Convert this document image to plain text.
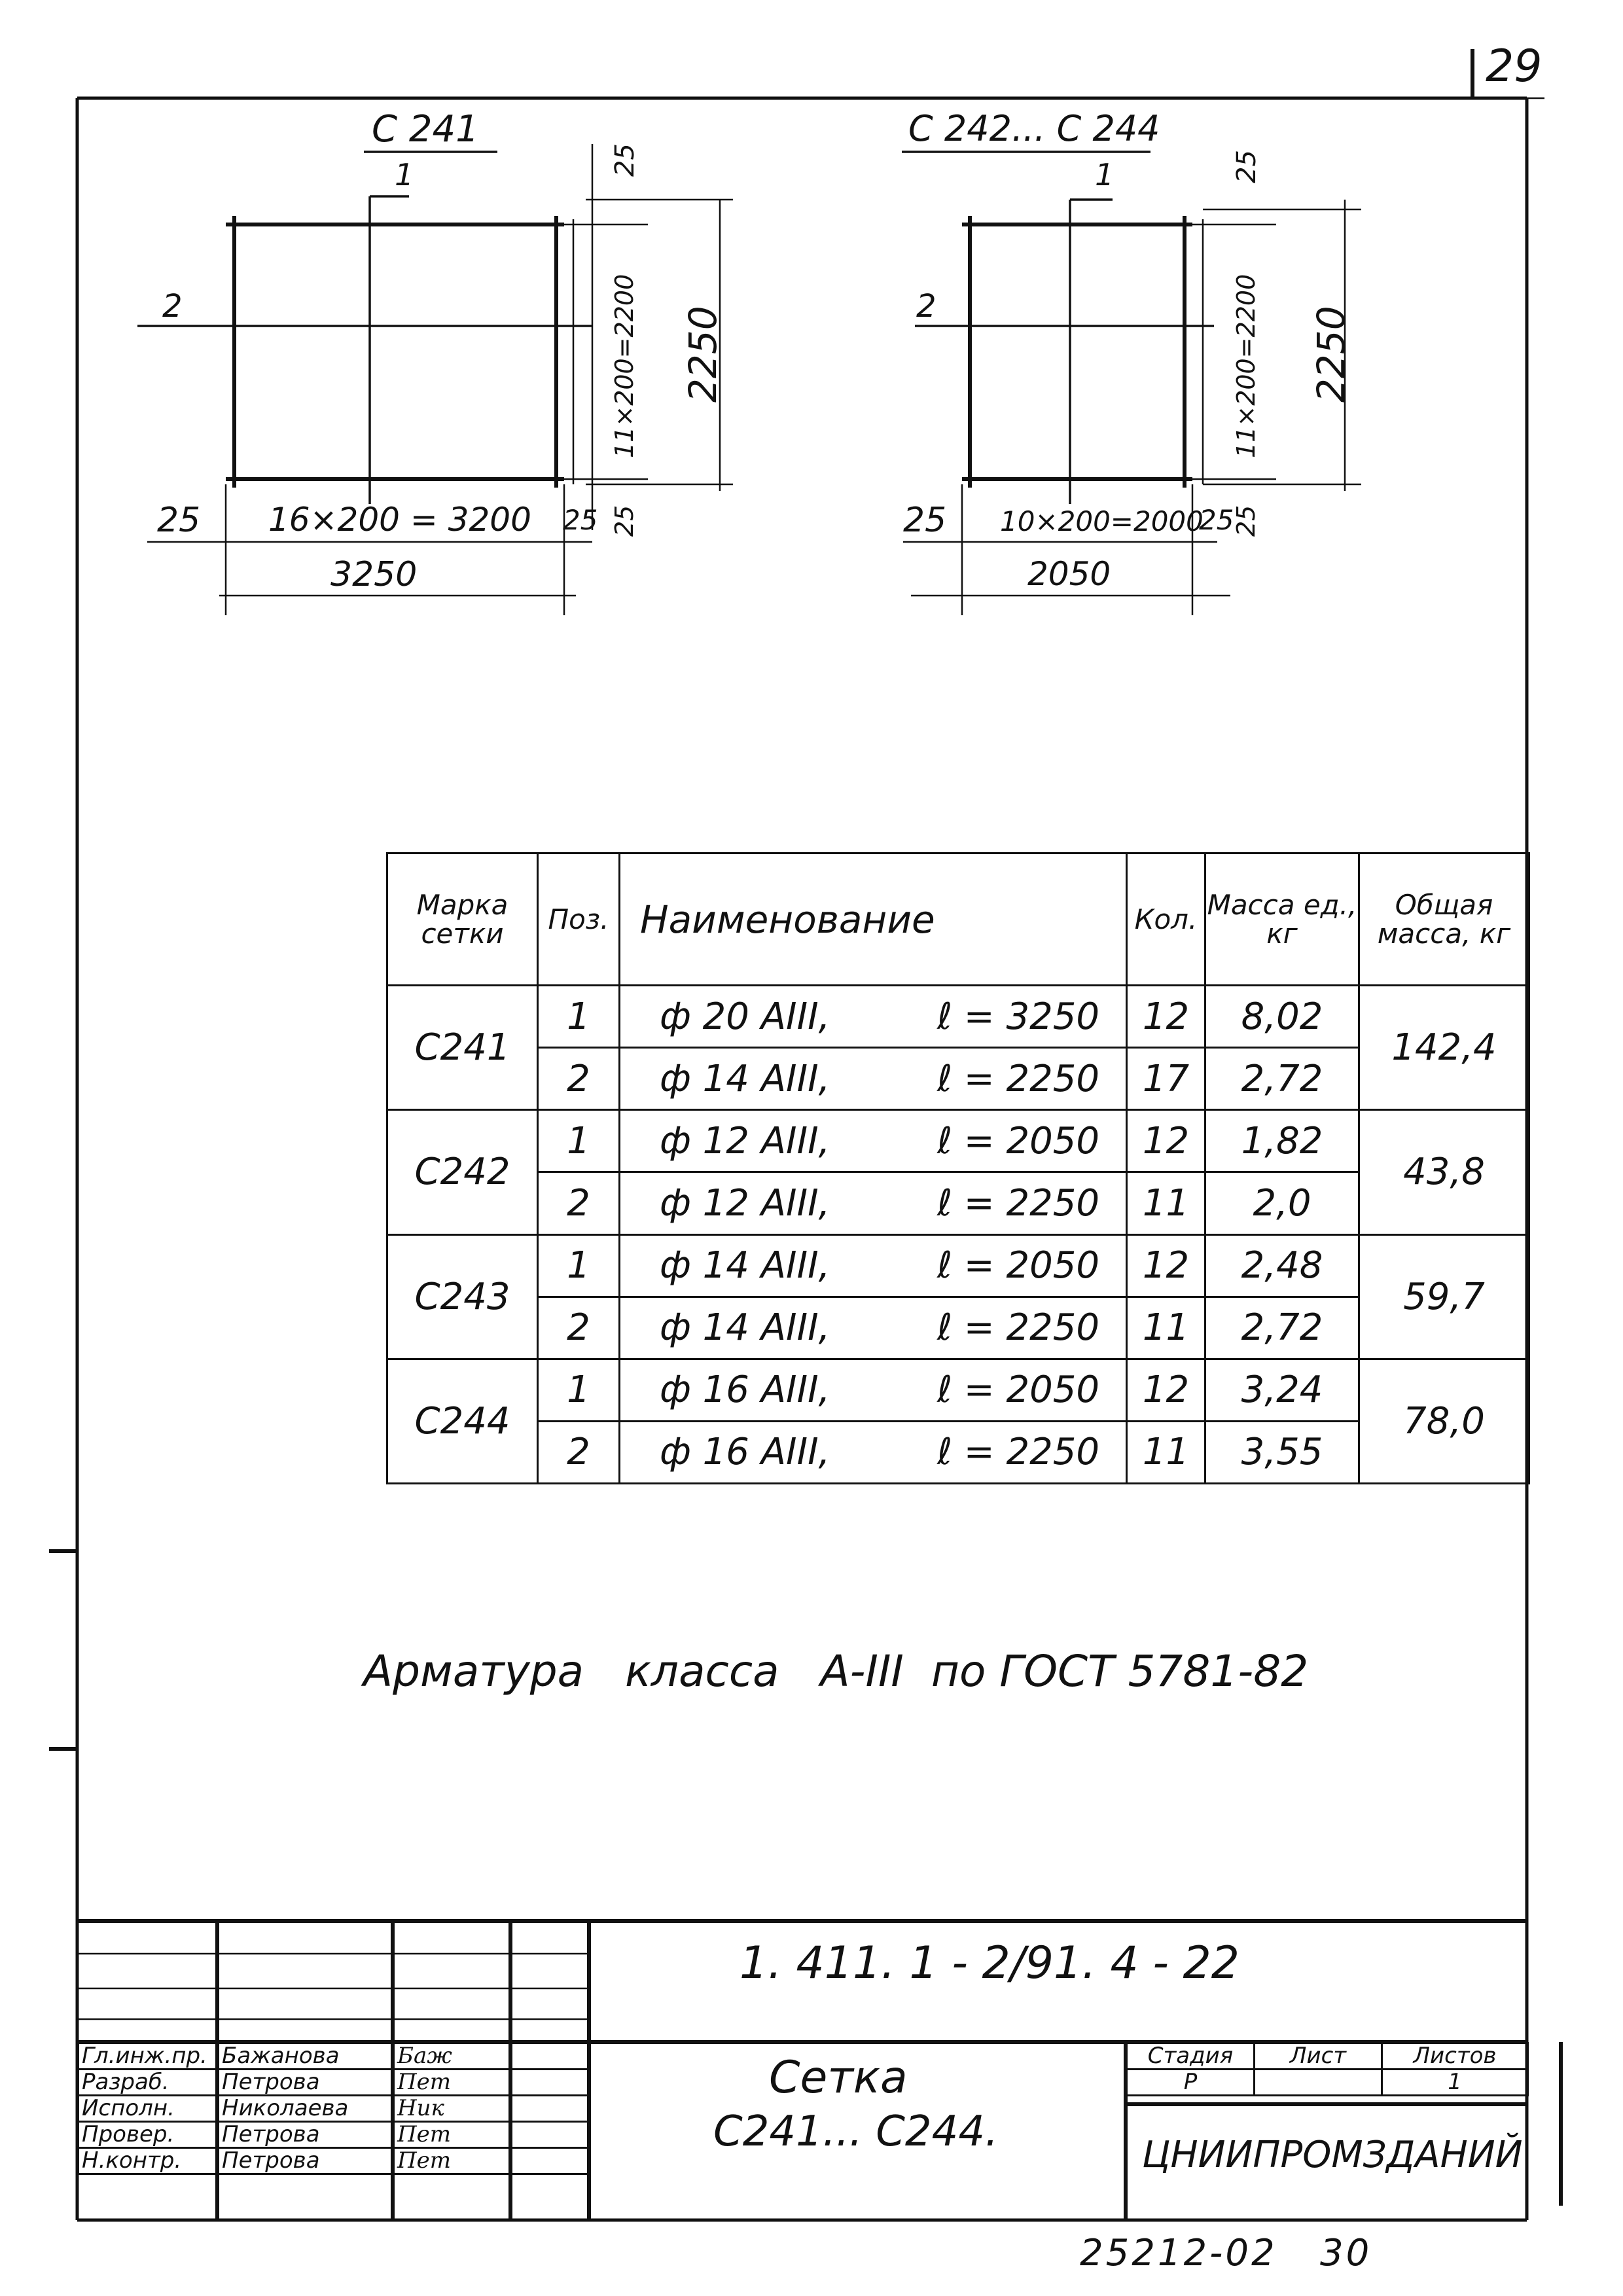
29
С 241
1
2
25
11×200=2200
25
2250
25 16×200 = 3200 25
3250
С 242... С 244
1
2
25
11×200=2200
25
2250
25 10×200=2000
25
2050
Марка сетки	Поз.	Наименование	Кол.	Масса ед., кг	Общая масса, кг
С241	1	ф 20 AIII, ℓ = 3250	12	8,02	142,4
	2	ф 14 AIII, ℓ = 2250	17	2,72	
С242	1	ф 12 AIII, ℓ = 2050	12	1,82	43,8
	2	ф 12 AIII, ℓ = 2250	11	2,0	
С243	1	ф 14 AIII, ℓ = 2050	12	2,48	59,7
	2	ф 14 AIII, ℓ = 2250	11	2,72	
С244	1	ф 16 AIII, ℓ = 2050	12	3,24	78,0
	2	ф 16 AIII, ℓ = 2250	11	3,55	
Арматура   класса   A-III  по ГОСТ 5781-82
1. 411. 1 - 2/91. 4 - 22
Гл.инж.пр.	Бажанова	Баж	
Разраб.	Петрова	Пет	
Исполн.	Николаева	Ник	
Провер.	Петрова	Пет	
Н.контр.	Петрова	Пет	
Сетка
С241... С244.
Стадия	Лист	Листов
Р		1
ЦНИИПРОМЗДАНИЙ
25212-02   30
